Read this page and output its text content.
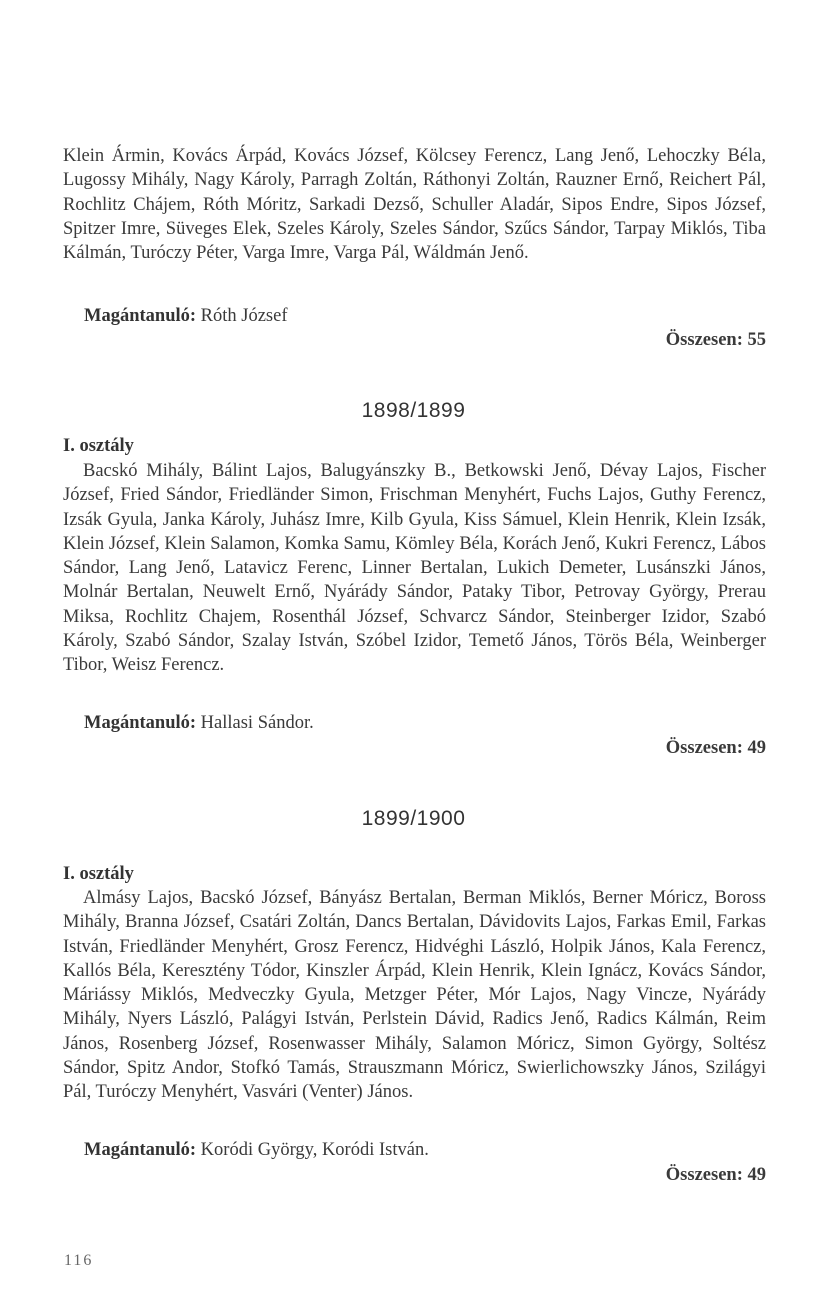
Klein Ármin, Kovács Árpád, Kovács József, Kölcsey Ferencz, Lang Jenő, Lehoczky Béla, Lugossy Mihály, Nagy Károly, Parragh Zoltán, Ráthonyi Zoltán, Rauzner Ernő, Reichert Pál, Rochlitz Chájem, Róth Móritz, Sarkadi Dezső, Schuller Aladár, Sipos Endre, Sipos József, Spitzer Imre, Süveges Elek, Szeles Károly, Szeles Sándor, Szűcs Sándor, Tarpay Miklós, Tiba Kálmán, Turóczy Péter, Varga Imre, Varga Pál, Wáldmán Jenő.

Magántanuló: Róth József
Összesen: 55
1898/1899
I. osztály

Bacskó Mihály, Bálint Lajos, Balugyánszky B., Betkowski Jenő, Dévay Lajos, Fischer József, Fried Sándor, Friedländer Simon, Frischman Menyhért, Fuchs Lajos, Guthy Ferencz, Izsák Gyula, Janka Károly, Juhász Imre, Kilb Gyula, Kiss Sámuel, Klein Henrik, Klein Izsák, Klein József, Klein Salamon, Komka Samu, Kömley Béla, Korách Jenő, Kukri Ferencz, Lábos Sándor, Lang Jenő, Latavicz Ferenc, Linner Bertalan, Lukich Demeter, Lusánszki János, Molnár Bertalan, Neuwelt Ernő, Nyárády Sándor, Pataky Tibor, Petrovay György, Prerau Miksa, Rochlitz Chajem, Rosenthál József, Schvarcz Sándor, Steinberger Izidor, Szabó Károly, Szabó Sándor, Szalay István, Szóbel Izidor, Temető János, Törös Béla, Weinberger Tibor, Weisz Ferencz.

Magántanuló: Hallasi Sándor.
Összesen: 49
1899/1900
I. osztály

Almásy Lajos, Bacskó József, Bányász Bertalan, Berman Miklós, Berner Móricz, Boross Mihály, Branna József, Csatári Zoltán, Dancs Bertalan, Dávidovits Lajos, Farkas Emil, Farkas István, Friedländer Menyhért, Grosz Ferencz, Hidvéghi László, Holpik János, Kala Ferencz, Kallós Béla, Keresztény Tódor, Kinszler Árpád, Klein Henrik, Klein Ignácz, Kovács Sándor, Máriássy Miklós, Medveczky Gyula, Metzger Péter, Mór Lajos, Nagy Vincze, Nyárády Mihály, Nyers László, Palágyi István, Perlstein Dávid, Radics Jenő, Radics Kálmán, Reim János, Rosenberg József, Rosenwasser Mihály, Salamon Móricz, Simon György, Soltész Sándor, Spitz Andor, Stofkó Tamás, Strauszmann Móricz, Swierlichowszky János, Szilágyi Pál, Turóczy Menyhért, Vasvári (Venter) János.

Magántanuló: Koródi György, Koródi István.
Összesen: 49
116
